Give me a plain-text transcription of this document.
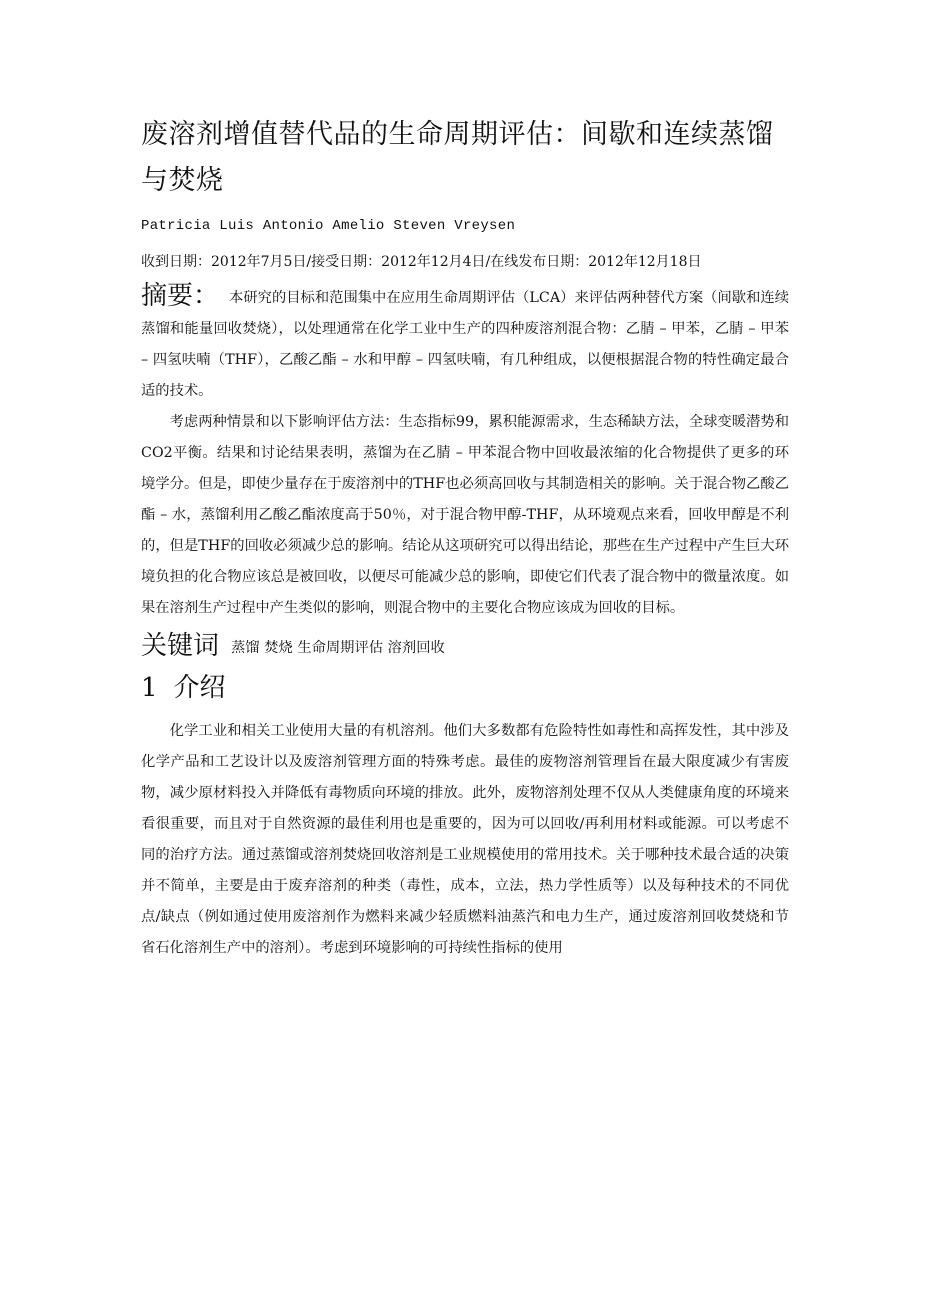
废溶剂增值替代品的生命周期评估：间歇和连续蒸馏与焚烧
Patricia Luis Antonio Amelio Steven Vreysen
收到日期：2012年7月5日/接受日期：2012年12月4日/在线发布日期：2012年12月18日

摘要： 本研究的目标和范围集中在应用生命周期评估（LCA）来评估两种替代方案（间歇和连续蒸馏和能量回收焚烧），以处理通常在化学工业中生产的四种废溶剂混合物：乙腈 – 甲苯，乙腈 – 甲苯 – 四氢呋喃（THF），乙酸乙酯 – 水和甲醇 – 四氢呋喃，有几种组成，以便根据混合物的特性确定最合适的技术。

考虑两种情景和以下影响评估方法：生态指标99，累积能源需求，生态稀缺方法，全球变暖潜势和CO2平衡。结果和讨论结果表明，蒸馏为在乙腈 – 甲苯混合物中回收最浓缩的化合物提供了更多的环境学分。但是，即使少量存在于废溶剂中的THF也必须高回收与其制造相关的影响。关于混合物乙酸乙酯 – 水，蒸馏利用乙酸乙酯浓度高于50％，对于混合物甲醇-THF，从环境观点来看，回收甲醇是不利的，但是THF的回收必须减少总的影响。结论从这项研究可以得出结论，那些在生产过程中产生巨大环境负担的化合物应该总是被回收，以便尽可能减少总的影响，即使它们代表了混合物中的微量浓度。如果在溶剂生产过程中产生类似的影响，则混合物中的主要化合物应该成为回收的目标。

关键词 蒸馏 焚烧 生命周期评估 溶剂回收
1 介绍

化学工业和相关工业使用大量的有机溶剂。他们大多数都有危险特性如毒性和高挥发性，其中涉及化学产品和工艺设计以及废溶剂管理方面的特殊考虑。最佳的废物溶剂管理旨在最大限度减少有害废物，减少原材料投入并降低有毒物质向环境的排放。此外，废物溶剂处理不仅从人类健康角度的环境来看很重要，而且对于自然资源的最佳利用也是重要的，因为可以回收/再利用材料或能源。可以考虑不同的治疗方法。通过蒸馏或溶剂焚烧回收溶剂是工业规模使用的常用技术。关于哪种技术最合适的决策并不简单，主要是由于废弃溶剂的种类（毒性，成本，立法，热力学性质等）以及每种技术的不同优点/缺点（例如通过使用废溶剂作为燃料来减少轻质燃料油蒸汽和电力生产，通过废溶剂回收焚烧和节省石化溶剂生产中的溶剂）。考虑到环境影响的可持续性指标的使用
